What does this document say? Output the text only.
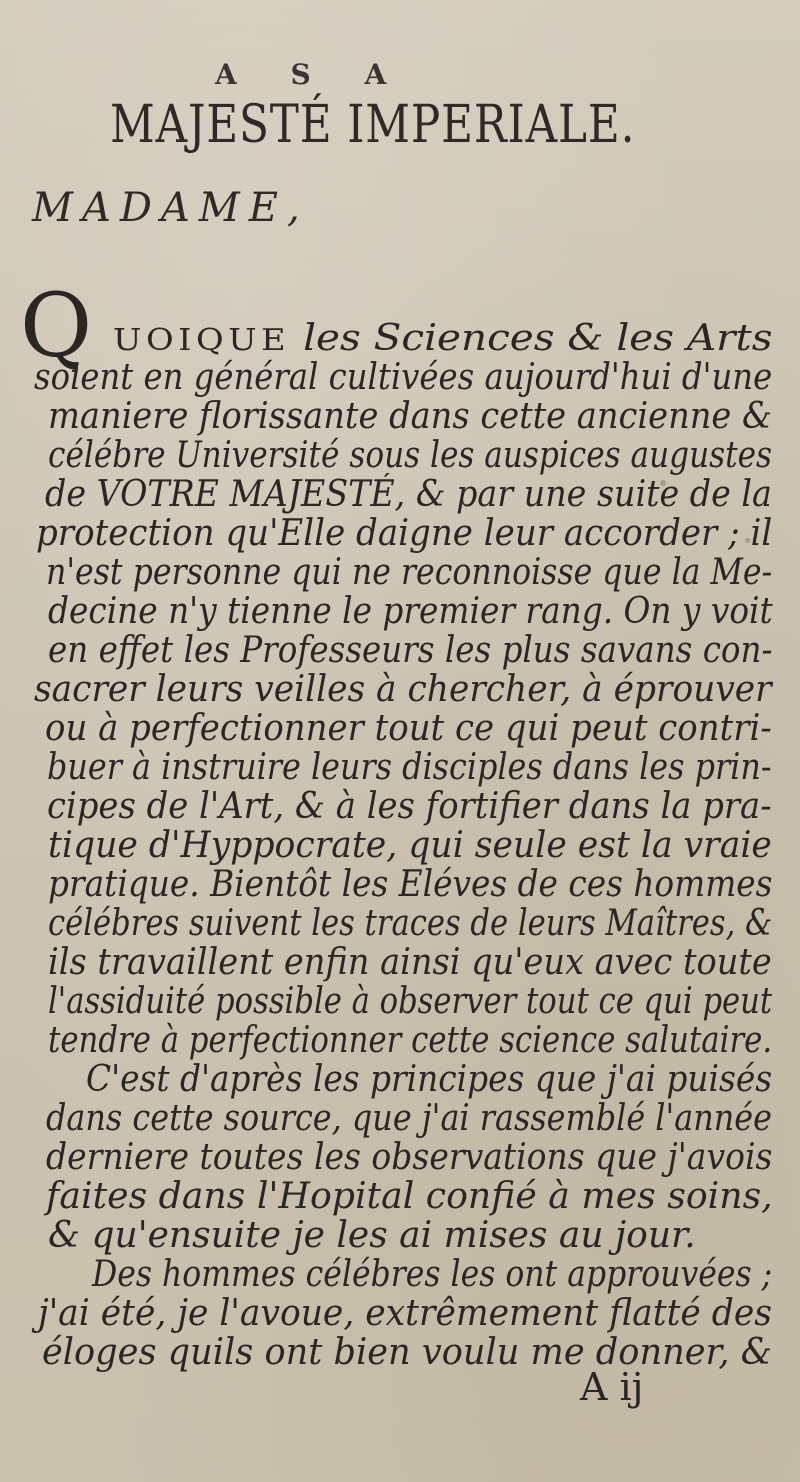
A S A
MAJESTÉ IMPERIALE.
MADAME,
Q UOIQUE les Sciences & les Arts
soient en général cultivées aujourd'hui d'une
maniere florissante dans cette ancienne &
célébre Université sous les auspices augustes
de VOTRE MAJESTÉ, & par une suite de la
protection qu'Elle daigne leur accorder ; il
n'est personne qui ne reconnoisse que la Me-
decine n'y tienne le premier rang. On y voit
en effet les Professeurs les plus savans con-
sacrer leurs veilles à chercher, à éprouver
ou à perfectionner tout ce qui peut contri-
buer à instruire leurs disciples dans les prin-
cipes de l'Art, & à les fortifier dans la pra-
tique d'Hyppocrate, qui seule est la vraie
pratique. Bientôt les Eléves de ces hommes
célébres suivent les traces de leurs Maîtres, &
ils travaillent enfin ainsi qu'eux avec toute
l'assiduité possible à observer tout ce qui peut
tendre à perfectionner cette science salutaire.
C'est d'après les principes que j'ai puisés
dans cette source, que j'ai rassemblé l'année
derniere toutes les observations que j'avois
faites dans l'Hopital confié à mes soins,
& qu'ensuite je les ai mises au jour.
Des hommes célébres les ont approuvées ;
j'ai été, je l'avoue, extrêmement flatté des
éloges quils ont bien voulu me donner, &
A ij
